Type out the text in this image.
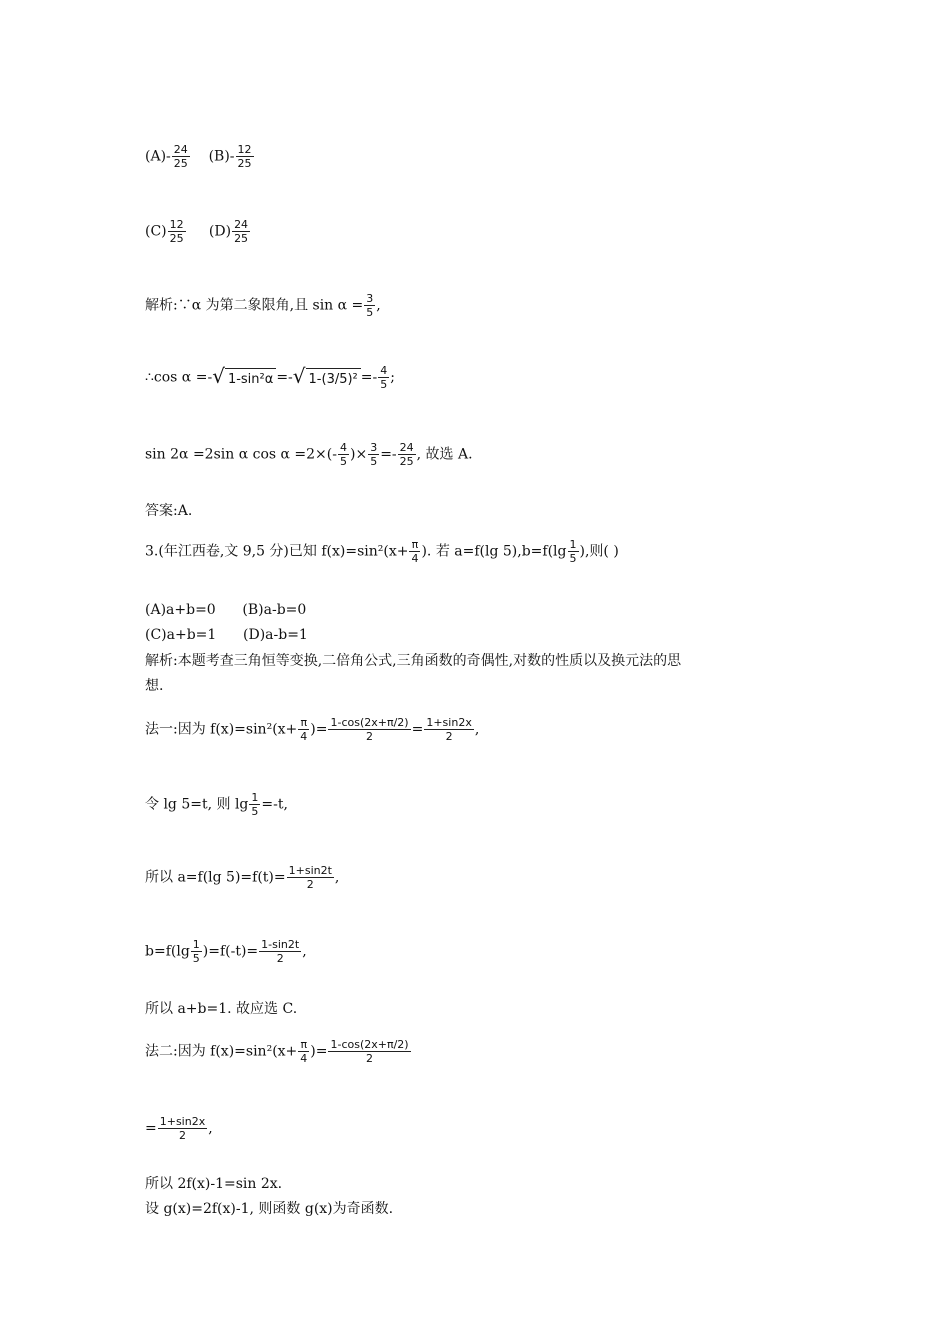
$(A)- \frac{24}{25} (B)- \frac{12}{25}$
$(C) \frac{12}{25} (D) \frac{24}{25}$
解析:∵α 为第二象限角,且 $\sin \alpha = \frac{3}{5}$ ,
∴cos α =-√ 1-sin²α =-√ $1-(3/5)^2 =- \frac{4}{5}$ ;
sin 2α =2sin α $\cos \alpha =2\times(- \frac{4}{5}$ )× $\frac{3}{5} =- \frac{24}{25}$ , 故选 A.
答案:A.
3.(年江西卷,文 9,5 分)已知 $f(x)=\sin^2(x+ \frac{\pi}{4}$ ). 若 a=f(lg $5),b=f(\lg \frac{1}{5}$ ),则( )
(A)a+b=0 (B)a-b=0
(C)a+b=1 (D)a-b=1
解析:本题考查三角恒等变换,二倍角公式,三角函数的奇偶性,对数的性质以及换元法的思
想.
法一:因为 $f(x)=\sin^2(x+ \frac{\pi}{4}$ )= $\frac{1-\cos(2x+\pi/2)}{2} = \frac{1+\sin 2x}{2}$ ,
令 lg 5=t, 则 $\lg \frac{1}{5} =-t$,
所以 a=f(lg $5)=f(t)= \frac{1+\sin 2t}{2}$ ,
$b=f(\lg \frac{1}{5} )=f(-t)= \frac{1-\sin 2t}{2}$ ,
所以 a+b=1. 故应选 C.
法二:因为 $f(x)=\sin^2(x+ \frac{\pi}{4}$ )= $\frac{1-\cos(2x+\pi/2)}{2}$
= $\frac{1+\sin 2x}{2}$ ,
所以 2f(x)-1=sin 2x.
设 g(x)=2f(x)-1, 则函数 g(x)为奇函数.
